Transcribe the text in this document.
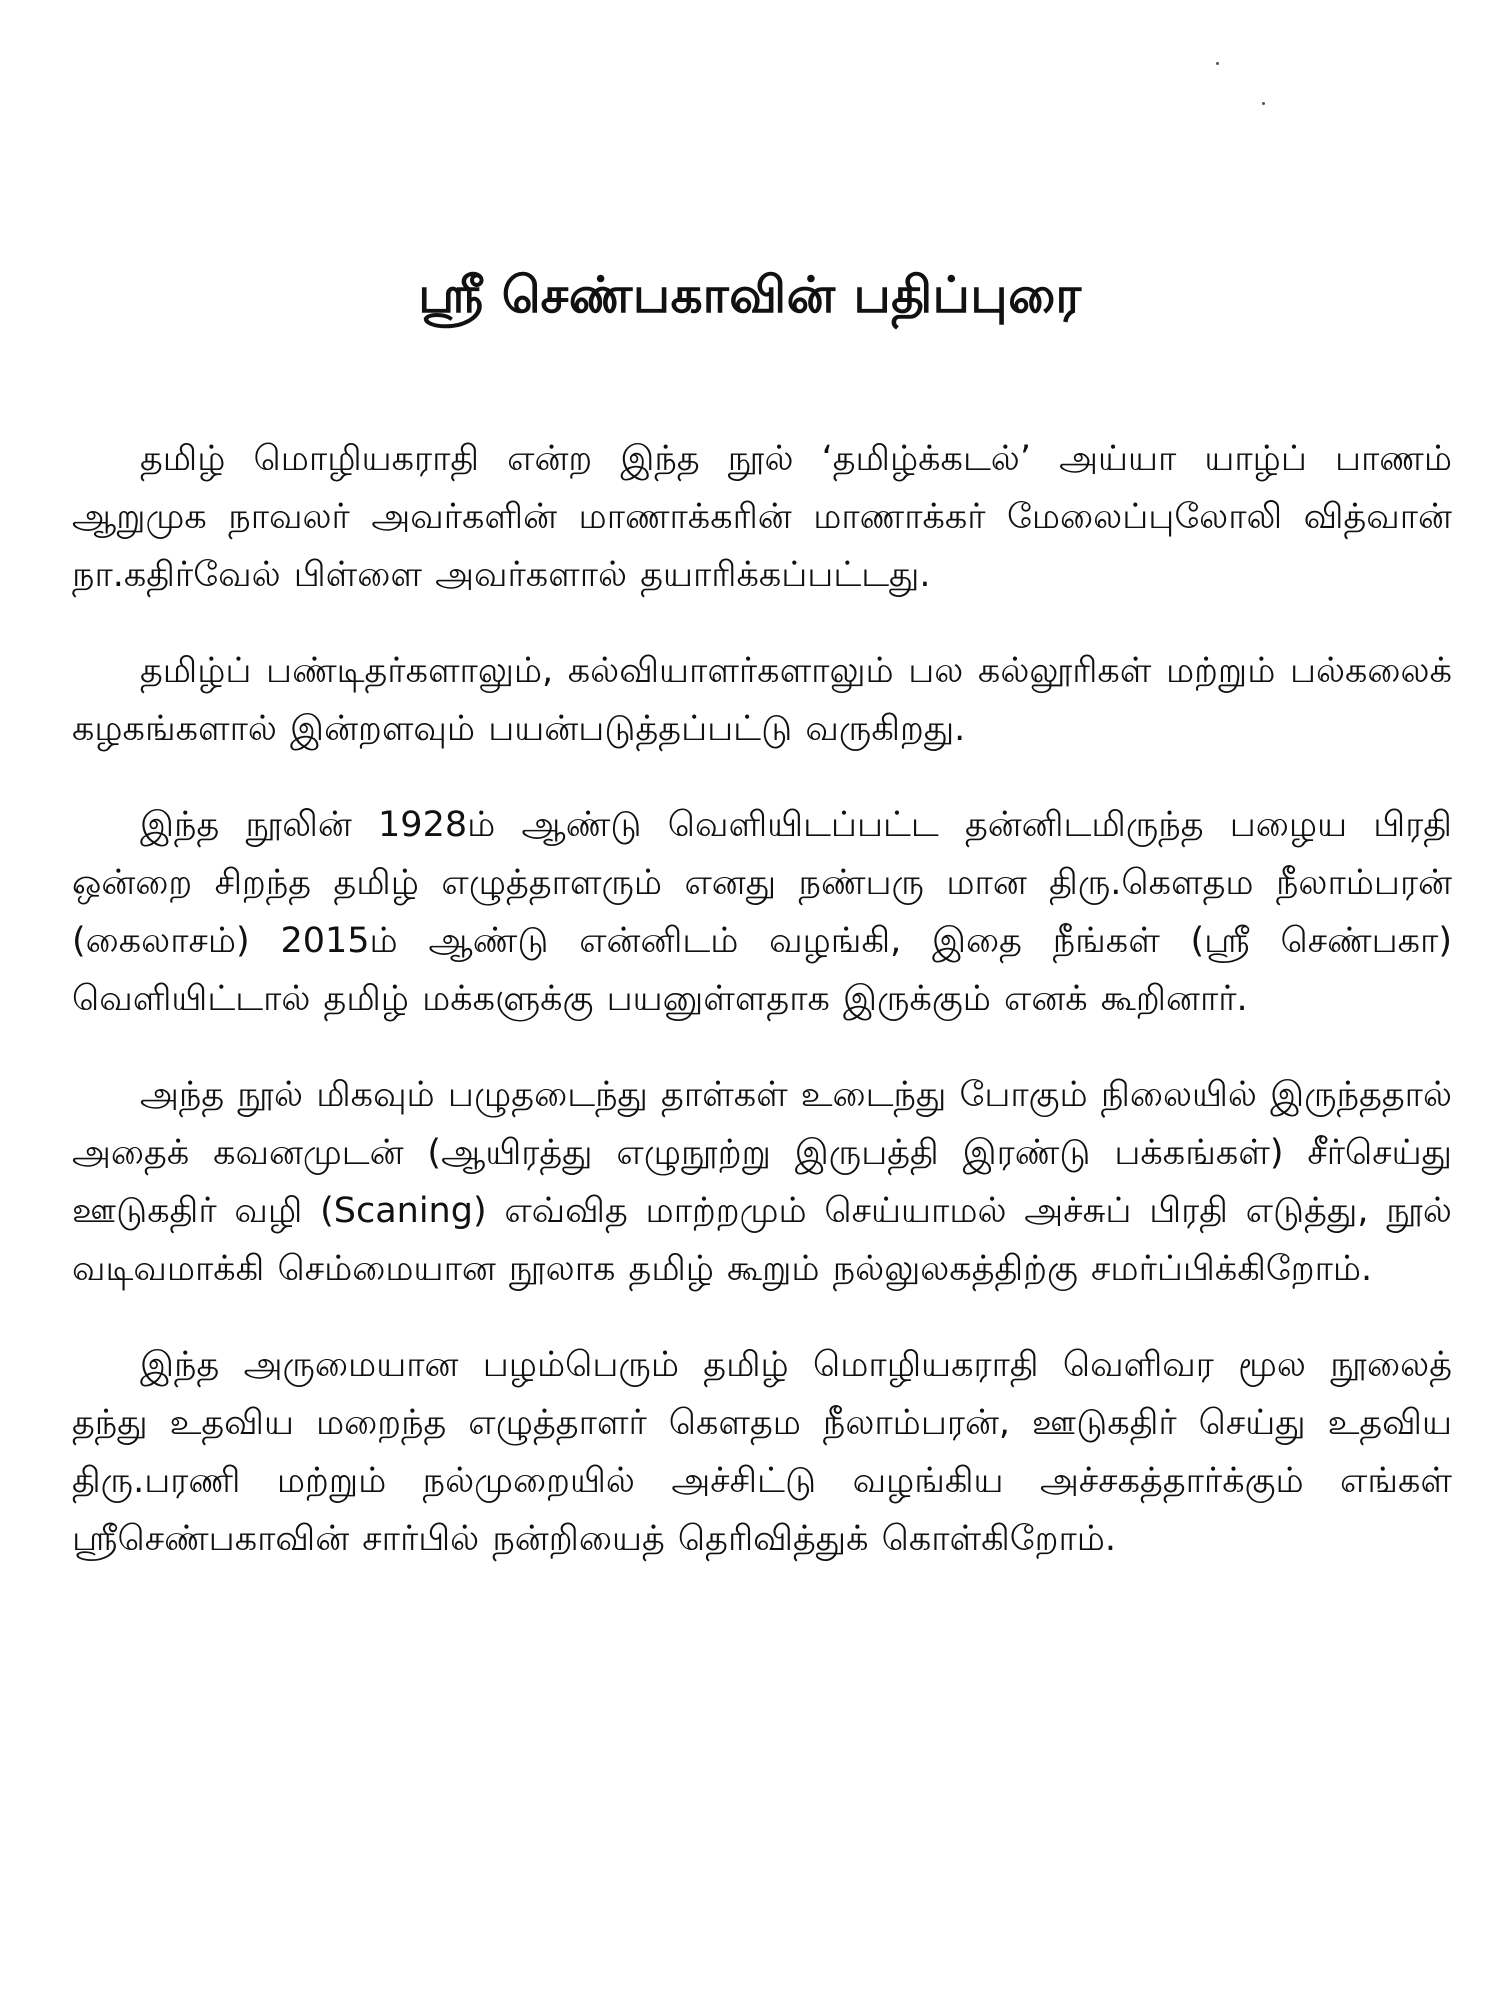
ஸ்ரீ செண்பகாவின் பதிப்புரை

தமிழ் மொழியகராதி என்ற இந்த நூல் ‘தமிழ்க்கடல்’ அய்யா யாழ்ப் பாணம் ஆறுமுக நாவலர் அவர்களின் மாணாக்கரின் மாணாக்கர் மேலைப்புலோலி வித்வான் நா.கதிர்வேல் பிள்ளை அவர்களால் தயாரிக்கப்பட்டது.

தமிழ்ப் பண்டிதர்களாலும், கல்வியாளர்களாலும் பல கல்லூரிகள் மற்றும் பல்கலைக் கழகங்களால் இன்றளவும் பயன்படுத்தப்பட்டு வருகிறது.

இந்த நூலின் 1928ம் ஆண்டு வெளியிடப்பட்ட தன்னிடமிருந்த பழைய பிரதி ஒன்றை சிறந்த தமிழ் எழுத்தாளரும் எனது நண்பரு மான திரு.கௌதம நீலாம்பரன் (கைலாசம்) 2015ம் ஆண்டு என்னிடம் வழங்கி, இதை நீங்கள் (ஸ்ரீ செண்பகா) வெளியிட்டால் தமிழ் மக்களுக்கு பயனுள்ளதாக இருக்கும் எனக் கூறினார்.

அந்த நூல் மிகவும் பழுதடைந்து தாள்கள் உடைந்து போகும் நிலையில் இருந்ததால் அதைக் கவனமுடன் (ஆயிரத்து எழுநூற்று இருபத்தி இரண்டு பக்கங்கள்) சீர்செய்து ஊடுகதிர் வழி (Scaning) எவ்வித மாற்றமும் செய்யாமல் அச்சுப் பிரதி எடுத்து, நூல் வடிவமாக்கி செம்மையான நூலாக தமிழ் கூறும் நல்லுலகத்திற்கு சமர்ப்பிக்கிறோம்.

இந்த அருமையான பழம்பெரும் தமிழ் மொழியகராதி வெளிவர மூல நூலைத் தந்து உதவிய மறைந்த எழுத்தாளர் கௌதம நீலாம்பரன், ஊடுகதிர் செய்து உதவிய திரு.பரணி மற்றும் நல்முறையில் அச்சிட்டு வழங்கிய அச்சகத்தார்க்கும் எங்கள் ஸ்ரீசெண்பகாவின் சார்பில் நன்றியைத் தெரிவித்துக் கொள்கிறோம்.
